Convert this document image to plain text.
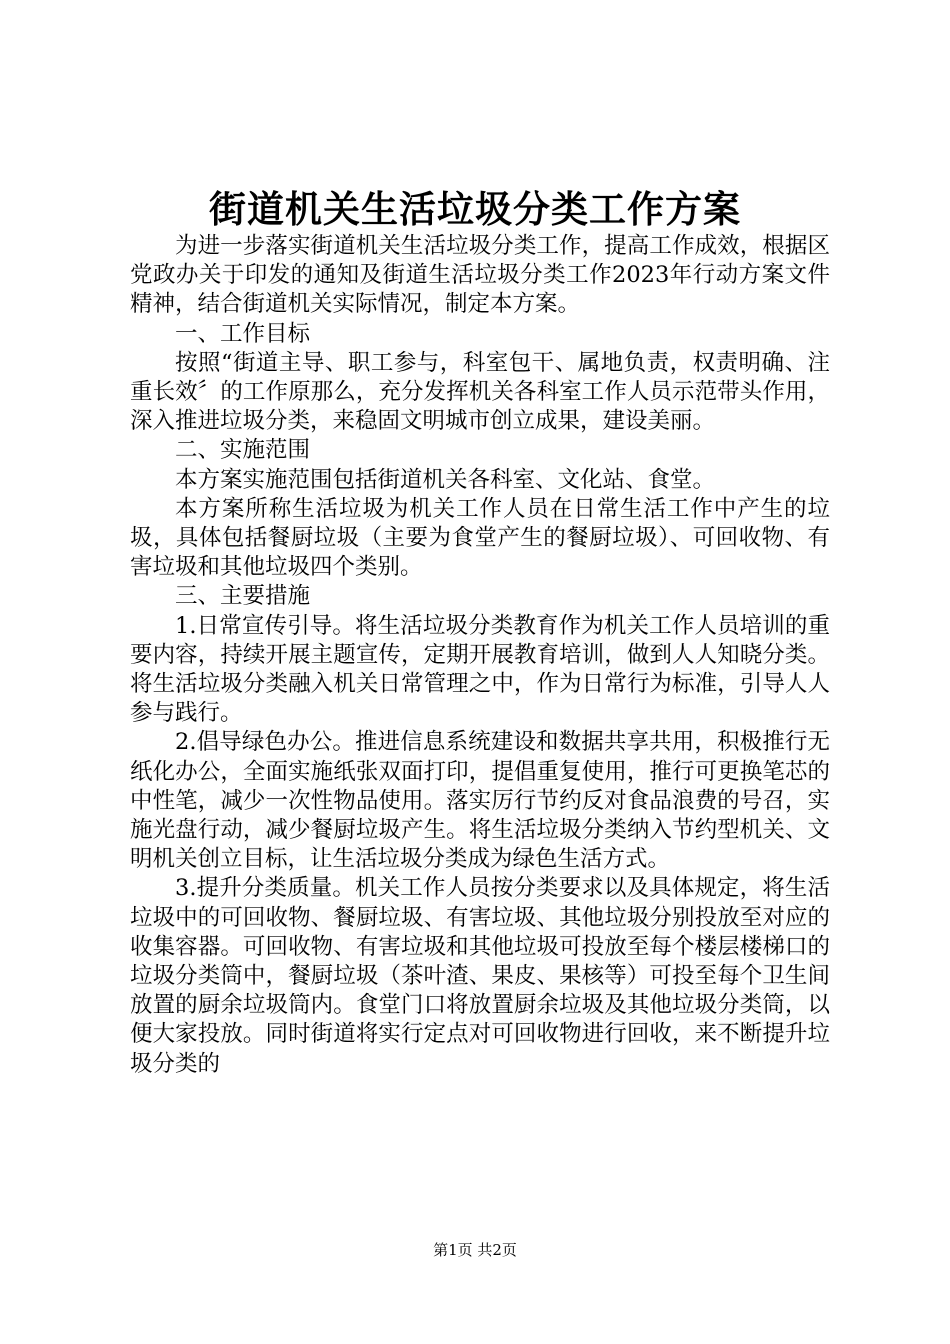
街道机关生活垃圾分类工作方案

为进一步落实街道机关生活垃圾分类工作，提高工作成效，根据区党政办关于印发的通知及街道生活垃圾分类工作2023年行动方案文件精神，结合街道机关实际情况，制定本方案。

一、工作目标

按照“街道主导、职工参与，科室包干、属地负责，权责明确、注重长效〞的工作原那么，充分发挥机关各科室工作人员示范带头作用，深入推进垃圾分类，来稳固文明城市创立成果，建设美丽。

二、实施范围

本方案实施范围包括街道机关各科室、文化站、食堂。

本方案所称生活垃圾为机关工作人员在日常生活工作中产生的垃圾，具体包括餐厨垃圾（主要为食堂产生的餐厨垃圾）、可回收物、有害垃圾和其他垃圾四个类别。

三、主要措施

1.日常宣传引导。将生活垃圾分类教育作为机关工作人员培训的重要内容，持续开展主题宣传，定期开展教育培训，做到人人知晓分类。将生活垃圾分类融入机关日常管理之中，作为日常行为标准，引导人人参与践行。

2.倡导绿色办公。推进信息系统建设和数据共享共用，积极推行无纸化办公，全面实施纸张双面打印，提倡重复使用，推行可更换笔芯的中性笔，减少一次性物品使用。落实厉行节约反对食品浪费的号召，实施光盘行动，减少餐厨垃圾产生。将生活垃圾分类纳入节约型机关、文明机关创立目标，让生活垃圾分类成为绿色生活方式。

3.提升分类质量。机关工作人员按分类要求以及具体规定，将生活垃圾中的可回收物、餐厨垃圾、有害垃圾、其他垃圾分别投放至对应的收集容器。可回收物、有害垃圾和其他垃圾可投放至每个楼层楼梯口的垃圾分类筒中，餐厨垃圾（茶叶渣、果皮、果核等）可投至每个卫生间放置的厨余垃圾筒内。食堂门口将放置厨余垃圾及其他垃圾分类筒，以便大家投放。同时街道将实行定点对可回收物进行回收，来不断提升垃圾分类的

第1页 共2页
